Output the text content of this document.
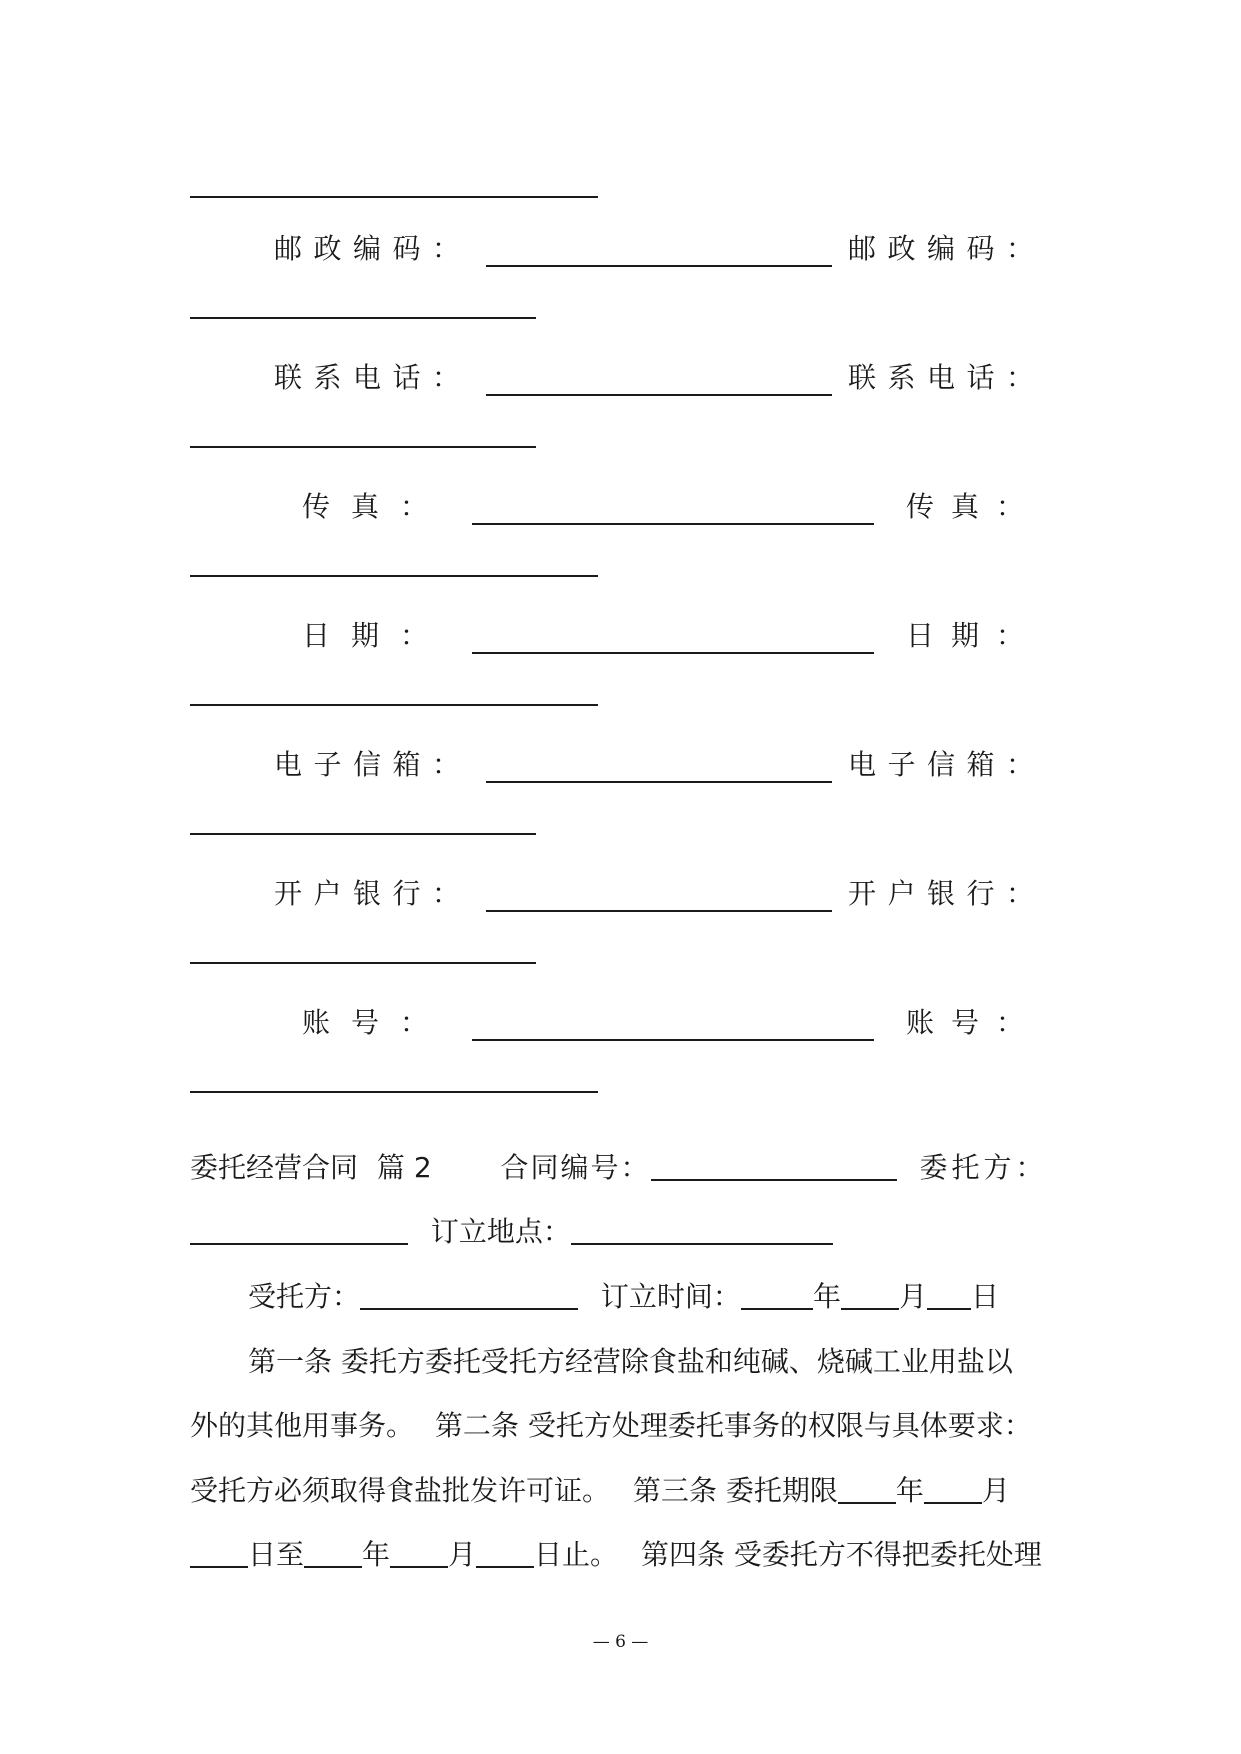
邮 政 编 码 ：	邮 政 编 码 ：
联 系 电 话 ：	联 系 电 话 ：
传 真 ：	传 真 ：
日 期 ：	日 期 ：
电 子 信 箱 ：	电 子 信 箱 ：
开 户 银 行 ：	开 户 银 行 ：
账 号 ：	账 号 ：
委托经营合同 篇 2 合同编号：	委托方：
订立地点：
受托方：	订立时间：	年 月 日
第一条 委托方委托受托方经营除食盐和纯碱、烧碱工业用盐以
外的其他用事务。 第二条 受托方处理委托事务的权限与具体要求：
受托方必须取得食盐批发许可证。 第三条 委托期限 年 月
日至 年 月 日止。 第四条 受委托方不得把委托处理
— 6 —
